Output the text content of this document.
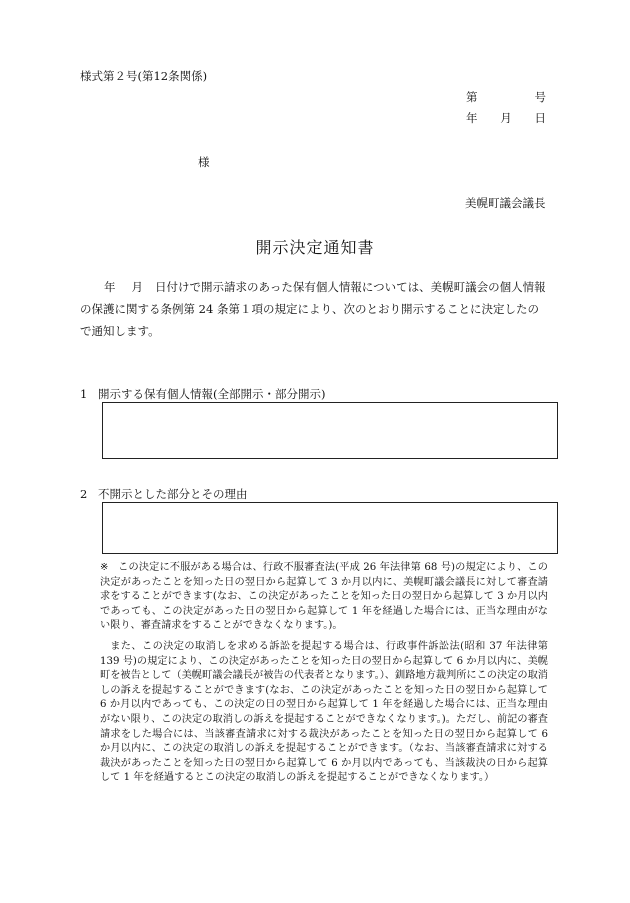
様式第２号(第12条関係)
第	号
年 月 日
様
美幌町議会議長
開示決定通知書
年 月 日付けで開示請求のあった保有個人情報については、美幌町議会の個人情報の保護に関する条例第 24 条第１項の規定により、次のとおり開示することに決定したので通知します。
1 開示する保有個人情報(全部開示・部分開示)
2 不開示とした部分とその理由

※ この決定に不服がある場合は、行政不服審査法(平成 26 年法律第 68 号)の規定により、この決定があったことを知った日の翌日から起算して 3 か月以内に、美幌町議会議長に対して審査請求をすることができます(なお、この決定があったことを知った日の翌日から起算して 3 か月以内であっても、この決定があった日の翌日から起算して 1 年を経過した場合には、正当な理由がない限り、審査請求をすることができなくなります。)。

また、この決定の取消しを求める訴訟を提起する場合は、行政事件訴訟法(昭和 37 年法律第 139 号)の規定により、この決定があったことを知った日の翌日から起算して 6 か月以内に、美幌町を被告として（美幌町議会議長が被告の代表者となります。）、釧路地方裁判所にこの決定の取消しの訴えを提起することができます(なお、この決定があったことを知った日の翌日から起算して 6 か月以内であっても、この決定の日の翌日から起算して 1 年を経過した場合には、正当な理由がない限り、この決定の取消しの訴えを提起することができなくなります。)。ただし、前記の審査請求をした場合には、当該審査請求に対する裁決があったことを知った日の翌日から起算して 6 か月以内に、この決定の取消しの訴えを提起することができます。（なお、当該審査請求に対する裁決があったことを知った日の翌日から起算して 6 か月以内であっても、当該裁決の日から起算して 1 年を経過するとこの決定の取消しの訴えを提起することができなくなります。）
